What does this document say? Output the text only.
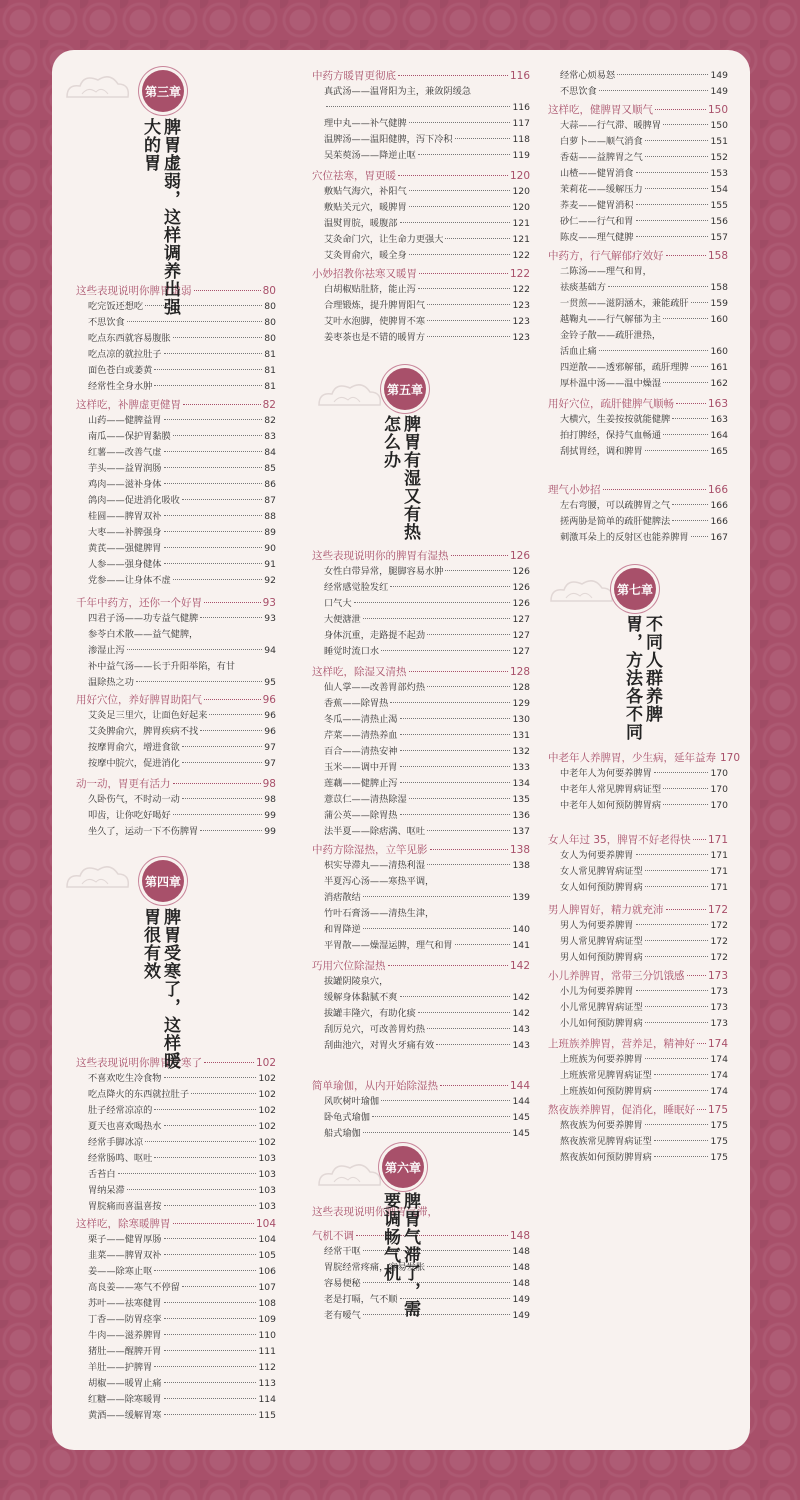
这些表现说明你脾胃虚弱	80
吃完饭还想吃	80
不思饮食	80
吃点东西就容易腹胀	80
吃点凉的就拉肚子	81
面色苍白或萎黄	81
经常性全身水肿	81
这样吃，补脾虚更健胃	82
山药——健脾益胃	82
南瓜——保护胃黏膜	83
红薯——改善气虚	84
芋头——益胃润肠	85
鸡肉——滋补身体	86
鸽肉——促进消化吸收	87
桂圆——脾胃双补	88
大枣——补脾强身	89
黄芪——强健脾胃	90
人参——强身健体	91
党参——让身体不虚	92
千年中药方，还你一个好胃	93
四君子汤——功专益气健脾	93
参苓白术散——益气健脾，
渗湿止泻	94
补中益气汤——长于升阳举陷，有甘
温除热之功	95
用好穴位，养好脾胃助阳气	96
艾灸足三里穴，让面色好起来	96
艾灸脾俞穴，脾胃疾病不找	96
按摩胃俞穴，增进食欲	97
按摩中脘穴，促进消化	97
动一动，胃更有活力	98
久卧伤气，不时动一动	98
叩齿，让你吃好喝好	99
坐久了，运动一下不伤脾胃	99
这些表现说明你脾胃受寒了	102
不喜欢吃生冷食物	102
吃点降火的东西就拉肚子	102
肚子经常凉凉的	102
夏天也喜欢喝热水	102
经常手脚冰凉	102
经常肠鸣、呕吐	103
舌苔白	103
胃纳呆滞	103
胃脘痛而喜温喜按	103
这样吃，除寒暖脾胃	104
栗子——健胃厚肠	104
韭菜——脾胃双补	105
姜——除寒止呕	106
高良姜——寒气不停留	107
苏叶——祛寒健胃	108
丁香——防胃痉挛	109
牛肉——滋养脾胃	110
猪肚——醒脾开胃	111
羊肚——护脾胃	112
胡椒——暖胃止痛	113
红糖——除寒暖胃	114
黄酒——缓解胃寒	115
中药方暖胃更彻底	116
真武汤——温肾阳为主，兼敛阴缓急
116
理中丸——补气健脾	117
温脾汤——温阳健脾，泻下冷积	118
吴茱萸汤——降逆止呕	119
穴位祛寒，胃更暖	120
敷贴气海穴，补阳气	120
敷贴关元穴，暖脾胃	120
温熨胃脘，暖腹部	121
艾灸命门穴，让生命力更强大	121
艾灸胃俞穴，暖全身	122
小妙招教你祛寒又暖胃	122
白胡椒贴肚脐，能止泻	122
合理锻炼，提升脾胃阳气	123
艾叶水泡脚，使脾胃不寒	123
姜枣茶也是不错的暖胃方	123
这些表现说明你的脾胃有湿热	126
女性白带异常，腿脚容易水肿	126
经常感觉脸发红	126
口气大	126
大便溏泄	127
身体沉重，走路提不起劲	127
睡觉时流口水	127
这样吃，除湿又清热	128
仙人掌——改善胃部灼热	128
香蕉——除胃热	129
冬瓜——清热止渴	130
芹菜——清热养血	131
百合——清热安神	132
玉米——调中开胃	133
莲藕——健脾止泻	134
薏苡仁——清热除湿	135
蒲公英——除胃热	136
法半夏——除痞满、呕吐	137
中药方除湿热，立竿见影	138
枳实导滞丸——清热利湿	138
半夏泻心汤——寒热平调，
消痞散结	139
竹叶石膏汤——清热生津，
和胃降逆	140
平胃散——燥湿运脾，理气和胃	141
巧用穴位除湿热	142
拔罐阴陵泉穴，
缓解身体黏腻不爽	142
拔罐丰隆穴，有助化痰	142
刮厉兑穴，可改善胃灼热	143
刮曲池穴，对胃火牙痛有效	143
简单瑜伽，从内开始除湿热	144
风吹树叶瑜伽	144
卧龟式瑜伽	145
船式瑜伽	145
这些表现说明你脾胃气滞，
气机不调	148
经常干呕	148
胃脘经常疼痛，容易发胀	148
容易便秘	148
老是打嗝，气不顺	149
老有嗳气	149
经常心烦易怒	149
不思饮食	149
这样吃，健脾胃又顺气	150
大蒜——行气滞、暖脾胃	150
白萝卜——顺气消食	151
香菇——益脾胃之气	152
山楂——健胃消食	153
茉莉花——缓解压力	154
荞麦——健胃消积	155
砂仁——行气和胃	156
陈皮——理气健脾	157
中药方，行气解郁疗效好	158
二陈汤——理气和胃，
祛痰基础方	158
一贯煎——滋阴涵木，兼能疏肝 159
越鞠丸——行气解郁为主	160
金铃子散——疏肝泄热，
活血止痛	160
四逆散——透邪解郁，疏肝理脾 161
厚朴温中汤——温中燥湿	162
用好穴位，疏肝健脾气顺畅	163
大横穴，生姜按按就能健脾	163
拍打脾经，保持气血畅通	164
刮拭胃经，调和脾胃	165
理气小妙招	166
左右弯腰，可以疏脾胃之气	166
搓两胁是简单的疏肝健脾法	166
刺激耳朵上的反射区也能养脾胃 167
中老年人养脾胃，少生病，延年益寿 170
中老年人为何要养脾胃	170
中老年人常见脾胃病证型	170
中老年人如何预防脾胃病	170
女人年过 35，脾胃不好老得快 171
女人为何要养脾胃	171
女人常见脾胃病证型	171
女人如何预防脾胃病	171
男人脾胃好，精力就充沛	172
男人为何要养脾胃	172
男人常见脾胃病证型	172
男人如何预防脾胃病	172
小儿养脾胃，常带三分饥饿感 173
小儿为何要养脾胃	173
小儿常见脾胃病证型	173
小儿如何预防脾胃病	173
上班族养脾胃，营养足，精神好 174
上班族为何要养脾胃	174
上班族常见脾胃病证型	174
上班族如何预防脾胃病	174
熬夜族养脾胃，促消化，睡眠好 175
熬夜族为何要养脾胃	175
熬夜族常见脾胃病证型	175
熬夜族如何预防脾胃病	175
第三章
脾胃虚弱，这样调养出强大的胃
第四章
脾胃受寒了，这样暖胃很有效
第五章
脾胃有湿又有热怎么办
第六章
脾胃气滞了，需要调畅气机
第七章
不同人群养脾胃，方法各不同
